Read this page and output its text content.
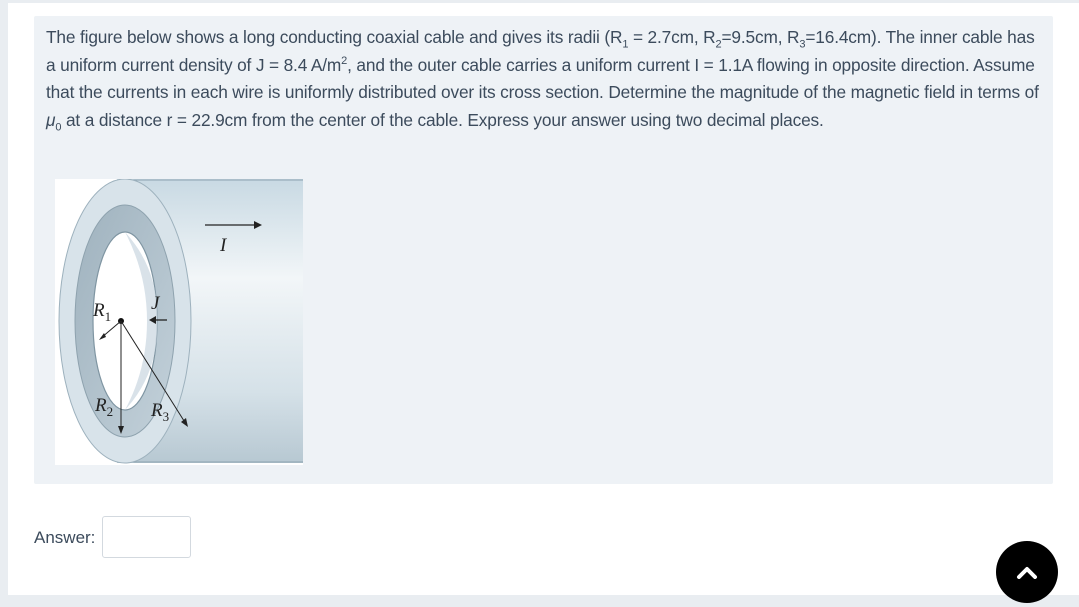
The figure below shows a long conducting coaxial cable and gives its radii ($R_1 = 2.7cm$, $R_2=9.5cm$, $R_3=16.4cm$). The inner cable has a uniform current density of J = 8.4 $A/m^2$, and the outer cable carries a uniform current I = 1.1A flowing in opposite direction. Assume that the currents in each wire is uniformly distributed over its cross section. Determine the magnitude of the magnetic field in terms of $\mu_0$ at a distance r = 22.9cm from the center of the cable. Express your answer using two decimal places.
I
J
$R_1$
$R_2$ $R_3$
Answer:
